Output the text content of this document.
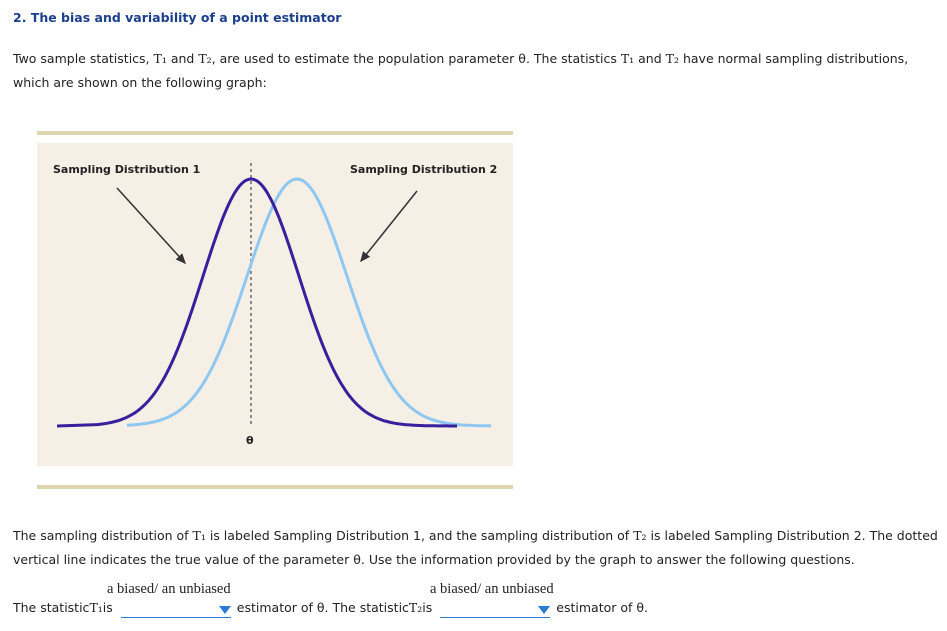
2. The bias and variability of a point estimator
Two sample statistics, T₁ and T₂, are used to estimate the population parameter θ. The statistics T₁ and T₂ have normal sampling distributions,
which are shown on the following graph:
Sampling Distribution 1	Sampling Distribution 2
θ
The sampling distribution of T₁ is labeled Sampling Distribution 1, and the sampling distribution of T₂ is labeled Sampling Distribution 2. The dotted
vertical line indicates the true value of the parameter θ. Use the information provided by the graph to answer the following questions.
a biased/ an unbiased	a biased/ an unbiased
The statistic T₁ is	estimator of θ. The statistic T₂ is	estimator of θ.
